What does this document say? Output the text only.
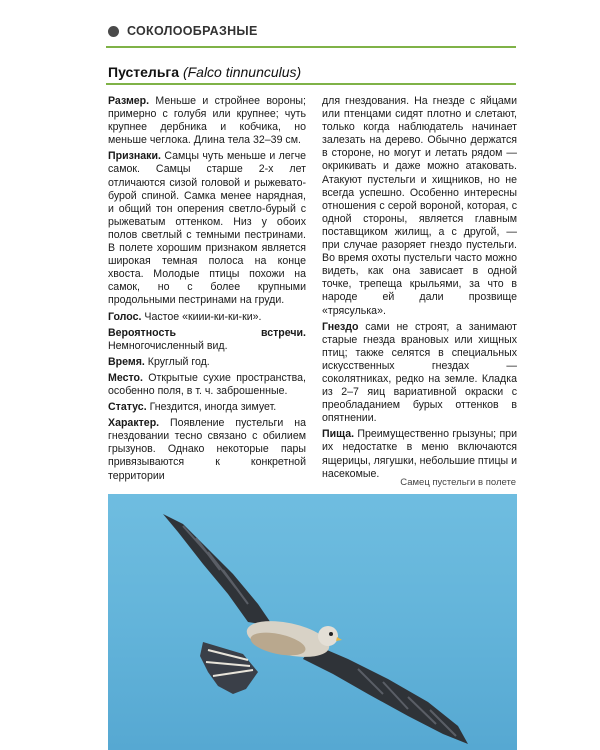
СОКОЛООБРАЗНЫЕ
Пустельга (Falco tinnunculus)

Размер. Меньше и стройнее вороны; примерно с голубя или крупнее; чуть крупнее дербника и кобчика, но меньше чеглока. Длина тела 32–39 см.

Признаки. Самцы чуть меньше и легче самок. Самцы старше 2-х лет отличаются сизой головой и рыжевато-бурой спиной. Самка менее нарядная, и общий тон оперения светло-бурый с рыжеватым оттенком. Низ у обоих полов светлый с темными пестринами. В полете хорошим признаком является широкая темная полоса на конце хвоста. Молодые птицы похожи на самок, но с более крупными продольными пестринами на груди.

Голос. Частое «киии-ки-ки-ки».

Вероятность встречи. Немногочисленный вид.

Время. Круглый год.

Место. Открытые сухие пространства, особенно поля, в т. ч. заброшенные.

Статус. Гнездится, иногда зимует.

Характер. Появление пустельги на гнездовании тесно связано с обилием грызунов. Однако некоторые пары привязываются к конкретной территории

для гнездования. На гнезде с яйцами или птенцами сидят плотно и слетают, только когда наблюдатель начинает залезать на дерево. Обычно держатся в стороне, но могут и летать рядом — окрикивать и даже можно атаковать. Атакуют пустельги и хищников, но не всегда успешно. Особенно интересны отношения с серой вороной, которая, с одной стороны, является главным поставщиком жилищ, а с другой, — при случае разоряет гнездо пустельги. Во время охоты пустельги часто можно видеть, как она зависает в одной точке, трепеща крыльями, за что в народе ей дали прозвище «трясулька».

Гнездо сами не строят, а занимают старые гнезда врановых или хищных птиц; также селятся в специальных искусственных гнездах — соколятниках, редко на земле. Кладка из 2–7 яиц вариативной окраски с преобладанием бурых оттенков в опятнении.

Пища. Преимущественно грызуны; при их недостатке в меню включаются ящерицы, лягушки, небольшие птицы и насекомые.

Самец пустельги в полете
